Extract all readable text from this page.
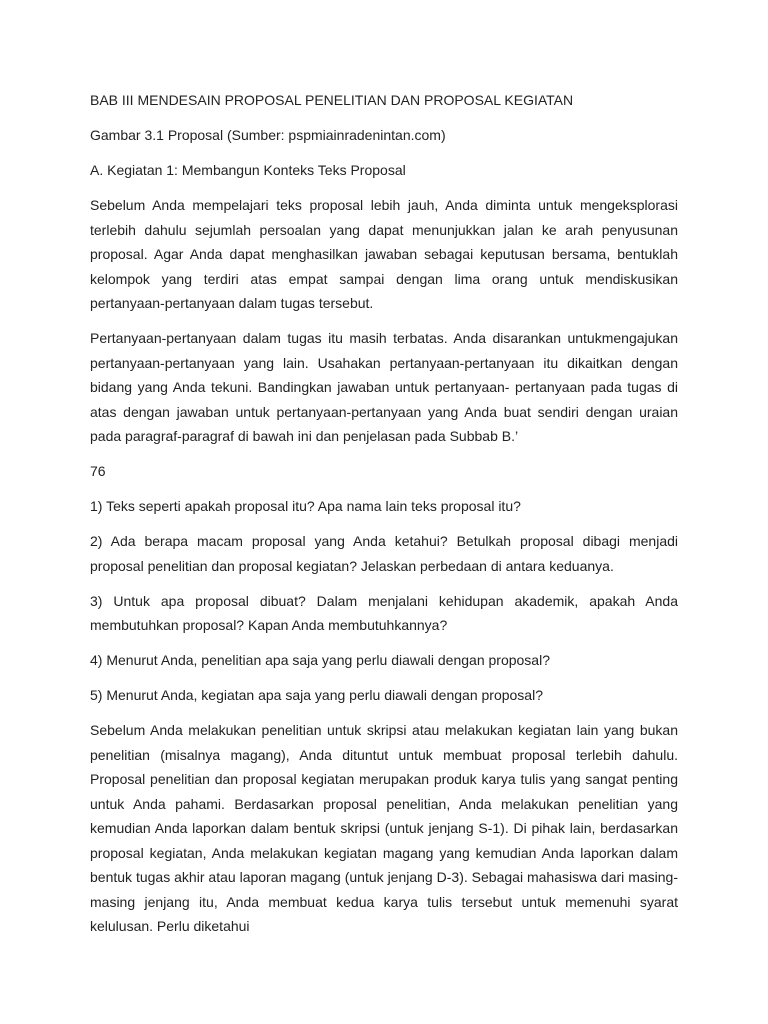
BAB III MENDESAIN PROPOSAL PENELITIAN DAN PROPOSAL KEGIATAN

Gambar 3.1 Proposal (Sumber: pspmiainradenintan.com)

A. Kegiatan 1: Membangun Konteks Teks Proposal

Sebelum Anda mempelajari teks proposal lebih jauh, Anda diminta untuk mengeksplorasi terlebih dahulu sejumlah persoalan yang dapat menunjukkan jalan ke arah penyusunan proposal. Agar Anda dapat menghasilkan jawaban sebagai keputusan bersama, bentuklah kelompok yang terdiri atas empat sampai dengan lima orang untuk mendiskusikan pertanyaan-pertanyaan dalam tugas tersebut.

Pertanyaan-pertanyaan dalam tugas itu masih terbatas. Anda disarankan untukmengajukan pertanyaan-pertanyaan yang lain. Usahakan pertanyaan-pertanyaan itu dikaitkan dengan bidang yang Anda tekuni. Bandingkan jawaban untuk pertanyaan- pertanyaan pada tugas di atas dengan jawaban untuk pertanyaan-pertanyaan yang Anda buat sendiri dengan uraian pada paragraf-paragraf di bawah ini dan penjelasan pada Subbab B.’

76

1) Teks seperti apakah proposal itu? Apa nama lain teks proposal itu?

2) Ada berapa macam proposal yang Anda ketahui? Betulkah proposal dibagi menjadi proposal penelitian dan proposal kegiatan? Jelaskan perbedaan di antara keduanya.

3) Untuk apa proposal dibuat? Dalam menjalani kehidupan akademik, apakah Anda membutuhkan proposal? Kapan Anda membutuhkannya?

4) Menurut Anda, penelitian apa saja yang perlu diawali dengan proposal?

5) Menurut Anda, kegiatan apa saja yang perlu diawali dengan proposal?

Sebelum Anda melakukan penelitian untuk skripsi atau melakukan kegiatan lain yang bukan penelitian (misalnya magang), Anda dituntut untuk membuat proposal terlebih dahulu. Proposal penelitian dan proposal kegiatan merupakan produk karya tulis yang sangat penting untuk Anda pahami. Berdasarkan proposal penelitian, Anda melakukan penelitian yang kemudian Anda laporkan dalam bentuk skripsi (untuk jenjang S-1). Di pihak lain, berdasarkan proposal kegiatan, Anda melakukan kegiatan magang yang kemudian Anda laporkan dalam bentuk tugas akhir atau laporan magang (untuk jenjang D-3). Sebagai mahasiswa dari masing-masing jenjang itu, Anda membuat kedua karya tulis tersebut untuk memenuhi syarat kelulusan. Perlu diketahui
